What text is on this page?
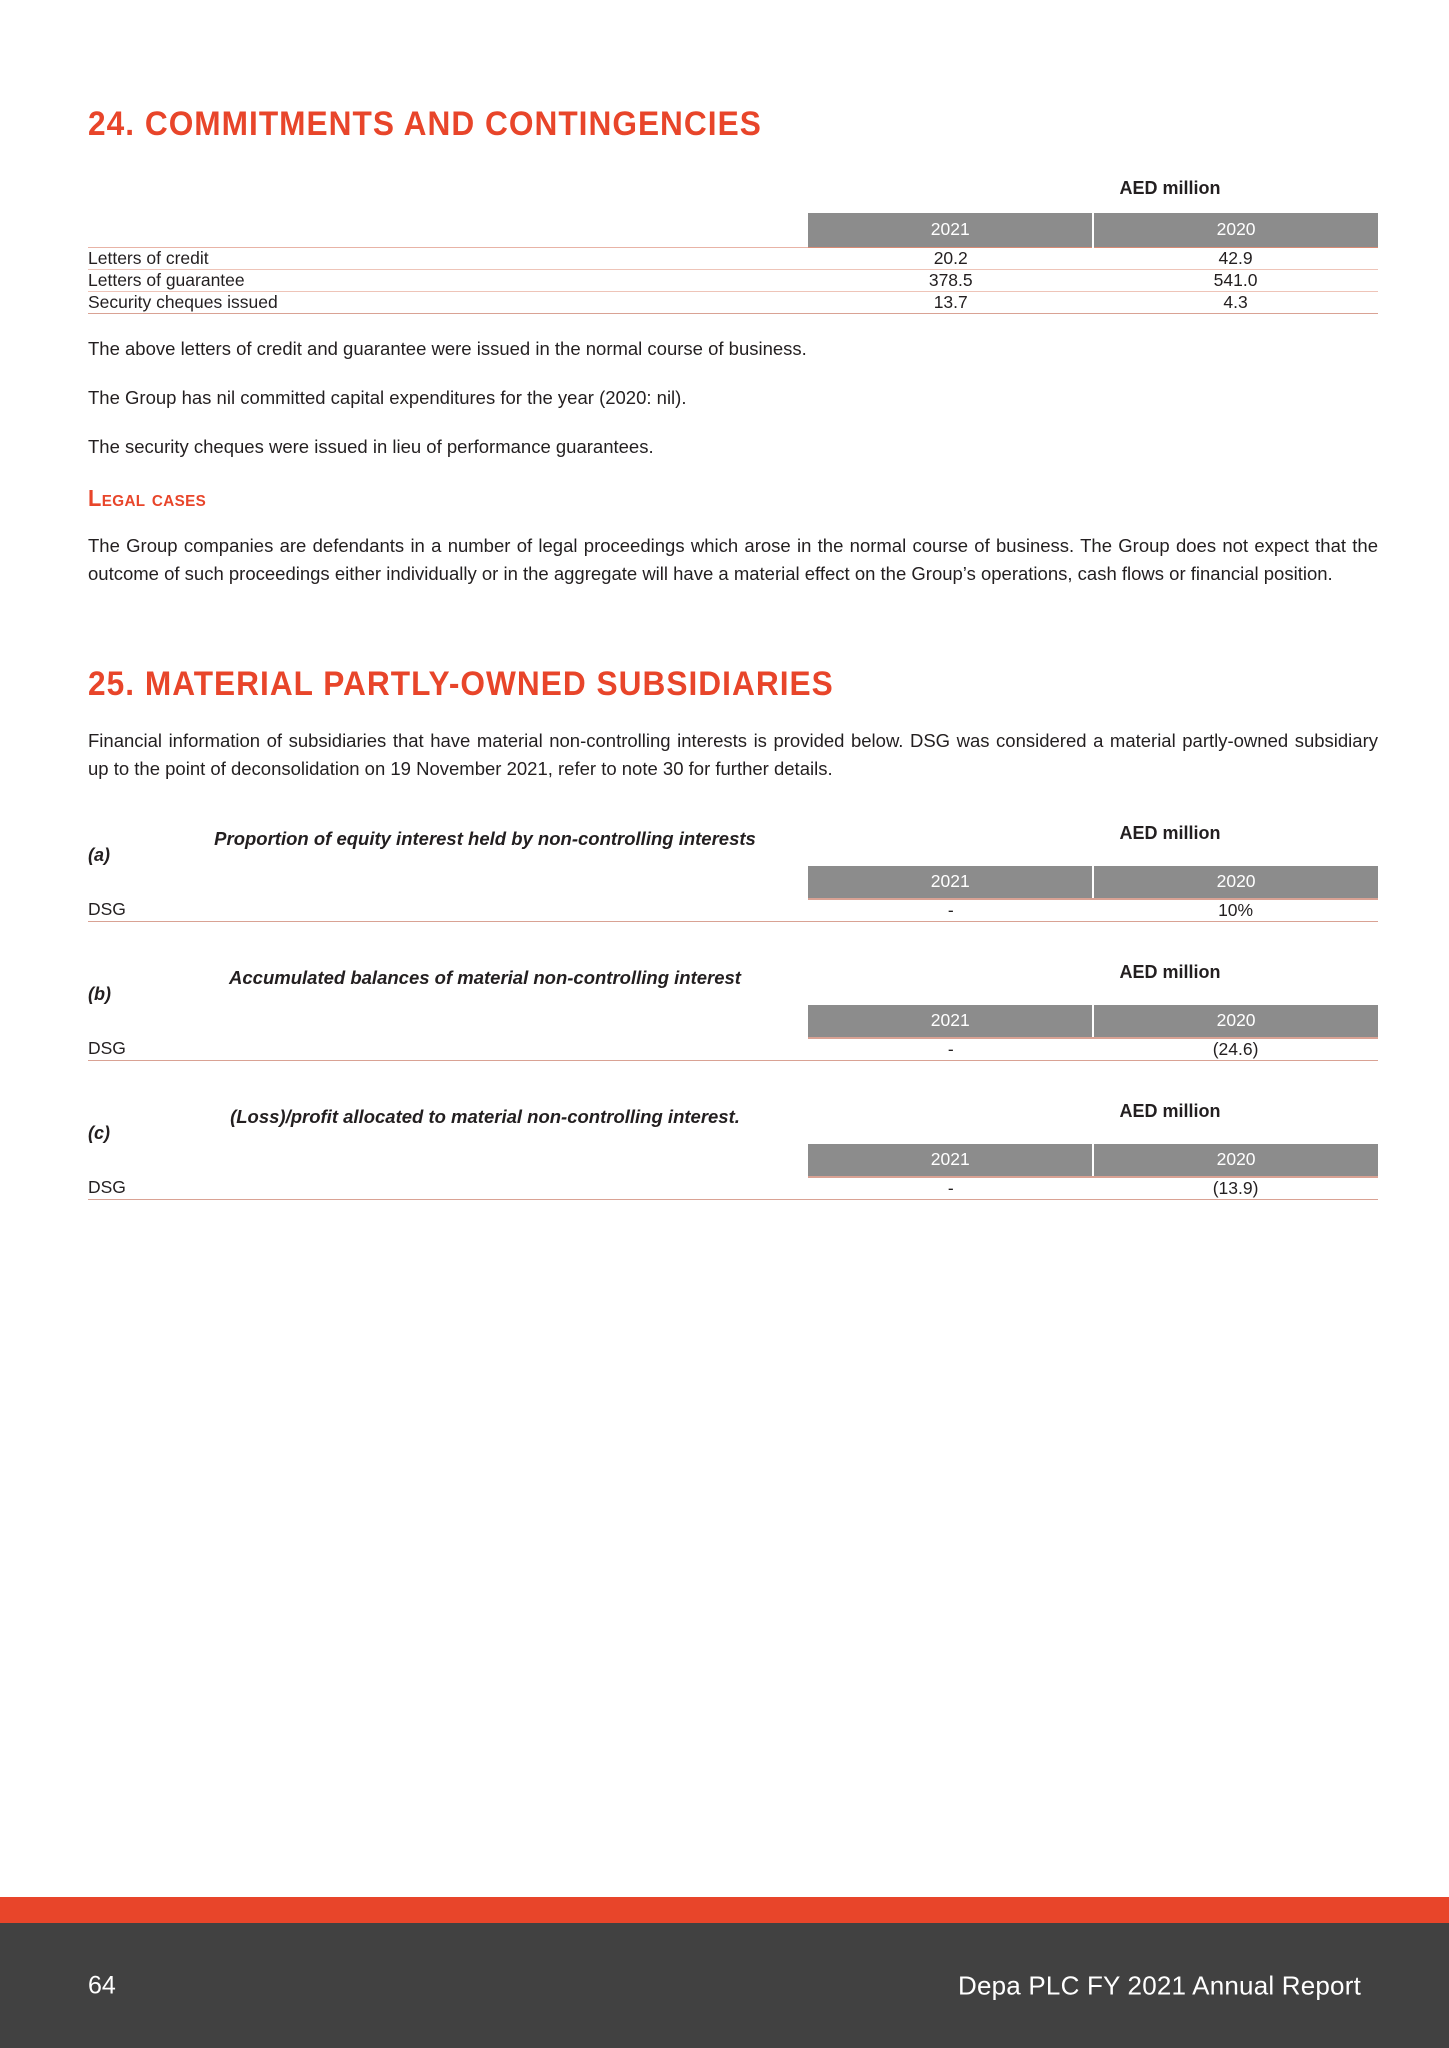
24. COMMITMENTS AND CONTINGENCIES
AED million
	2021	2020
Letters of credit	20.2	42.9
Letters of guarantee	378.5	541.0
Security cheques issued	13.7	4.3

The above letters of credit and guarantee were issued in the normal course of business.

The Group has nil committed capital expenditures for the year (2020: nil).

The security cheques were issued in lieu of performance guarantees.

Legal cases

The Group companies are defendants in a number of legal proceedings which arose in the normal course of business. The Group does not expect that the outcome of such proceedings either individually or in the aggregate will have a material effect on the Group’s operations, cash flows or financial position.

25. MATERIAL PARTLY-OWNED SUBSIDIARIES

Financial information of subsidiaries that have material non-controlling interests is provided below. DSG was considered a material partly-owned subsidiary up to the point of deconsolidation on 19 November 2021, refer to note 30 for further details.

(a)
Proportion of equity interest held by non-controlling interests	AED million
	2021	2020
DSG	-	10%
(b)
Accumulated balances of material non-controlling interest	AED million
	2021	2020
DSG	-	(24.6)
(c)
(Loss)/profit allocated to material non-controlling interest.	AED million
	2021	2020
DSG	-	(13.9)
64	Depa PLC FY 2021 Annual Report
